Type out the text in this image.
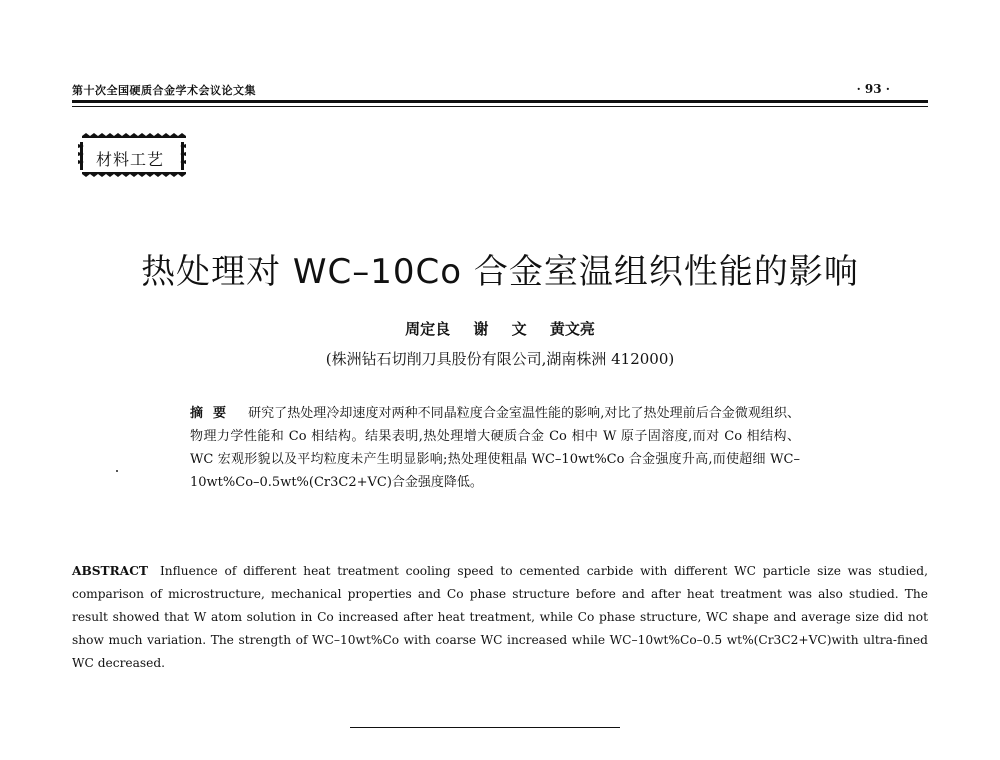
第十次全国硬质合金学术会议论文集	· 93 ·
材料工艺
热处理对 WC–10Co 合金室温组织性能的影响
周定良 谢 文 黄文亮
(株洲钻石切削刀具股份有限公司,湖南株洲 412000)
摘要 研究了热处理冷却速度对两种不同晶粒度合金室温性能的影响,对比了热处理前后合金微观组织、物理力学性能和 Co 相结构。结果表明,热处理增大硬质合金 Co 相中 W 原子固溶度,而对 Co 相结构、WC 宏观形貌以及平均粒度未产生明显影响;热处理使粗晶 WC–10wt%Co 合金强度升高,而使超细 WC–10wt%Co–0.5wt%(Cr3C2+VC)合金强度降低。
ABSTRACT Influence of different heat treatment cooling speed to cemented carbide with different WC particle size was studied, comparison of microstructure, mechanical properties and Co phase structure before and after heat treatment was also studied. The result showed that W atom solution in Co increased after heat treatment, while Co phase structure, WC shape and average size did not show much variation. The strength of WC–10wt%Co with coarse WC increased while WC–10wt%Co–0.5 wt%(Cr3C2+VC)with ultra-fined WC decreased.
